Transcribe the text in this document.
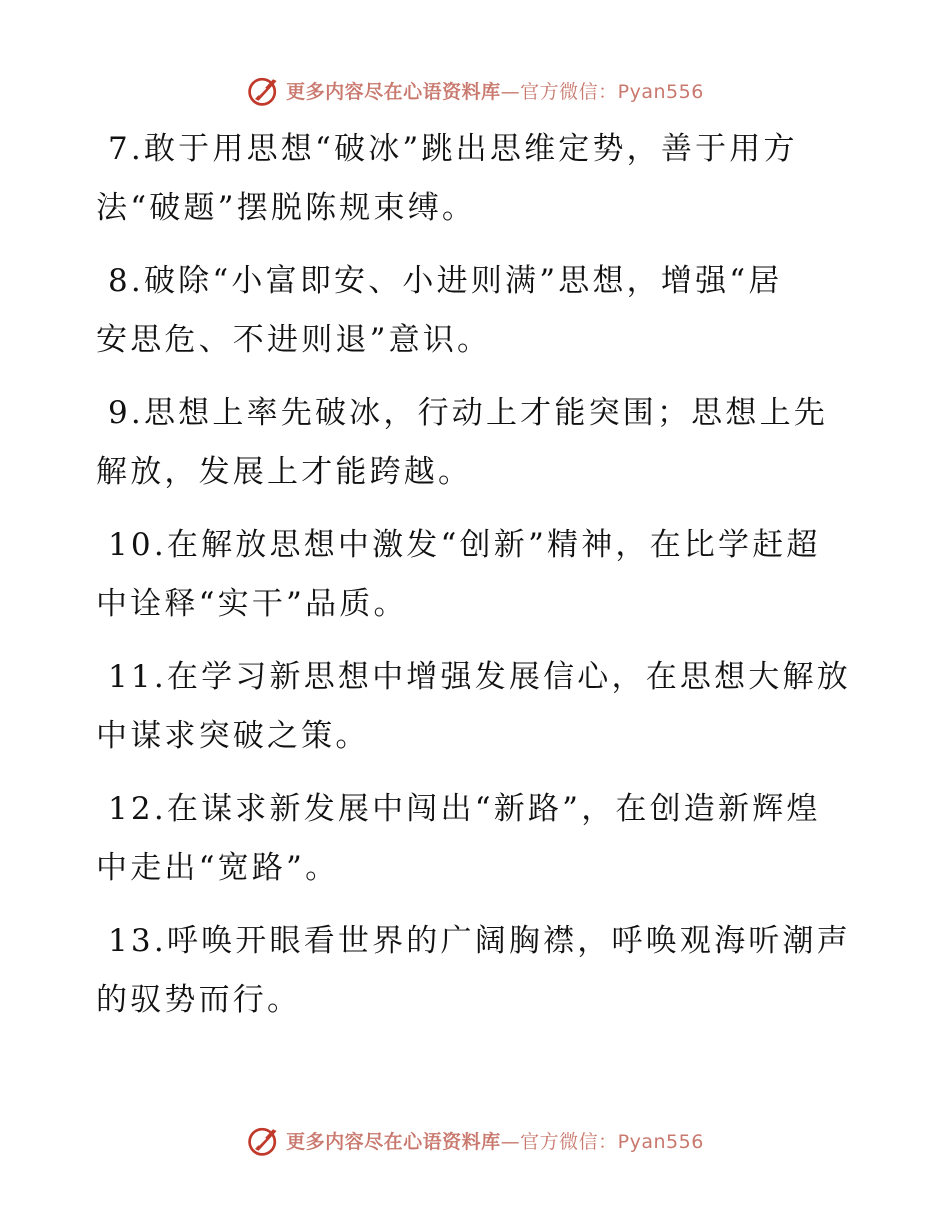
更多内容尽在心语资料库—官方微信：Pyan556
7.敢于用思想“破冰”跳出思维定势，善于用方
法“破题”摆脱陈规束缚。
8.破除“小富即安、小进则满”思想，增强“居
安思危、不进则退”意识。
9.思想上率先破冰，行动上才能突围；思想上先
解放，发展上才能跨越。
10.在解放思想中激发“创新”精神，在比学赶超
中诠释“实干”品质。
11.在学习新思想中增强发展信心，在思想大解放
中谋求突破之策。
12.在谋求新发展中闯出“新路”，在创造新辉煌
中走出“宽路”。
13.呼唤开眼看世界的广阔胸襟，呼唤观海听潮声
的驭势而行。
更多内容尽在心语资料库—官方微信：Pyan556
